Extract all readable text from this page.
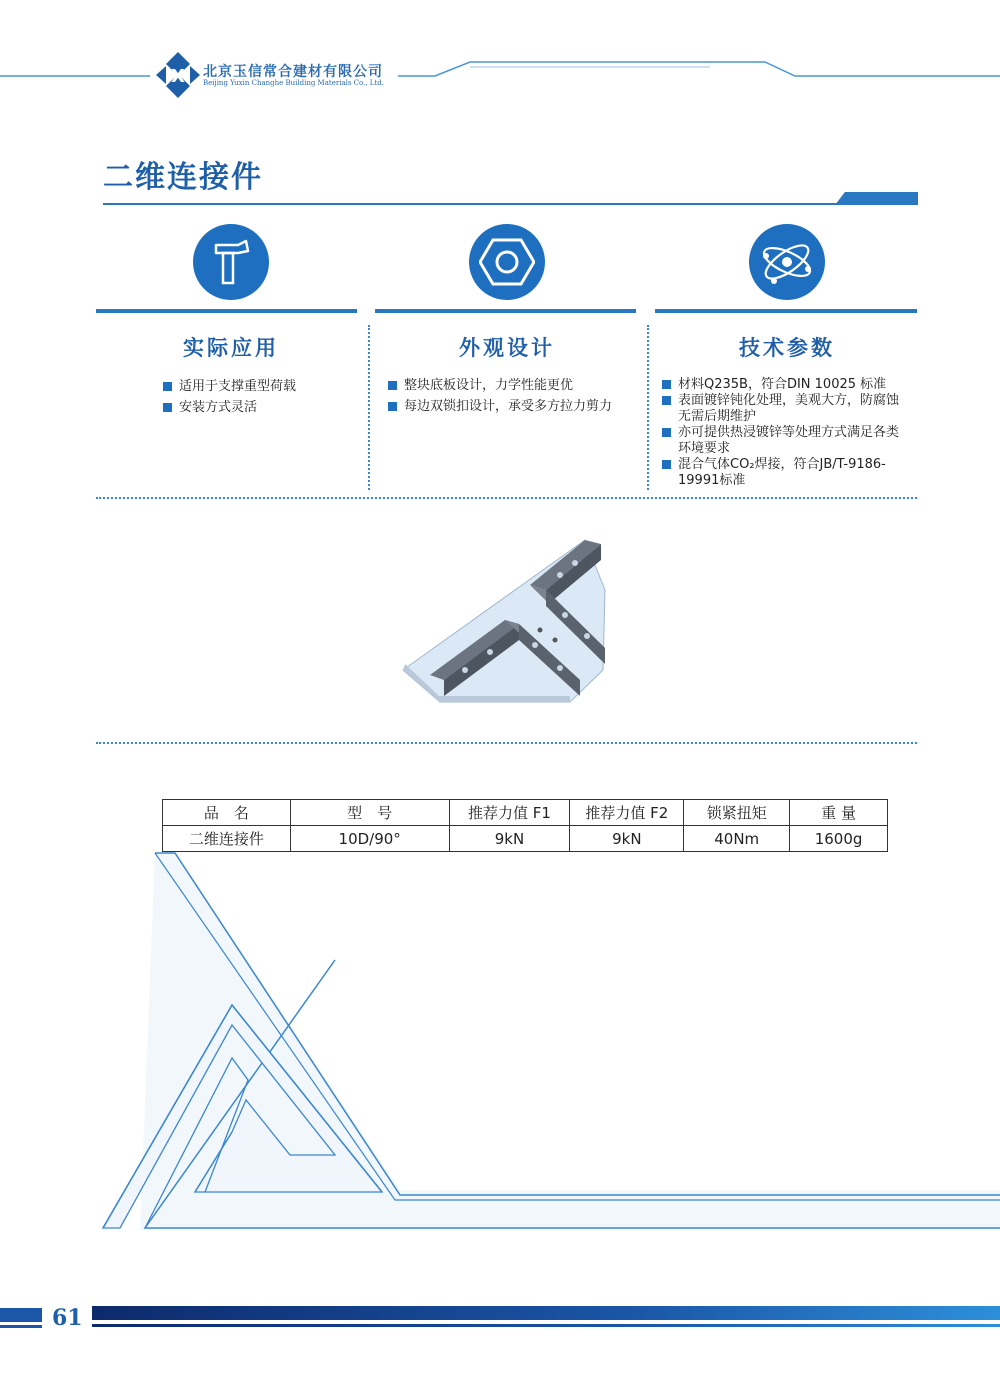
X 北京玉信常合建材有限公司
Beijing Yuxin Changhe Building Materials Co., Ltd.
二维连接件
实际应用
适用于支撑重型荷载
安装方式灵活
外观设计
整块底板设计，力学性能更优
每边双锁扣设计，承受多方拉力剪力
技术参数
材料Q235B，符合DIN 10025 标准
表面镀锌钝化处理，美观大方，防腐蚀无需后期维护
亦可提供热浸镀锌等处理方式满足各类环境要求
混合气体CO₂焊接，符合JB/T-9186-19991标准
品　名	型　号	推荐力值 F1	推荐力值 F2	锁紧扭矩	重 量
二维连接件	10D/90°	9kN	9kN	40Nm	1600g
61
